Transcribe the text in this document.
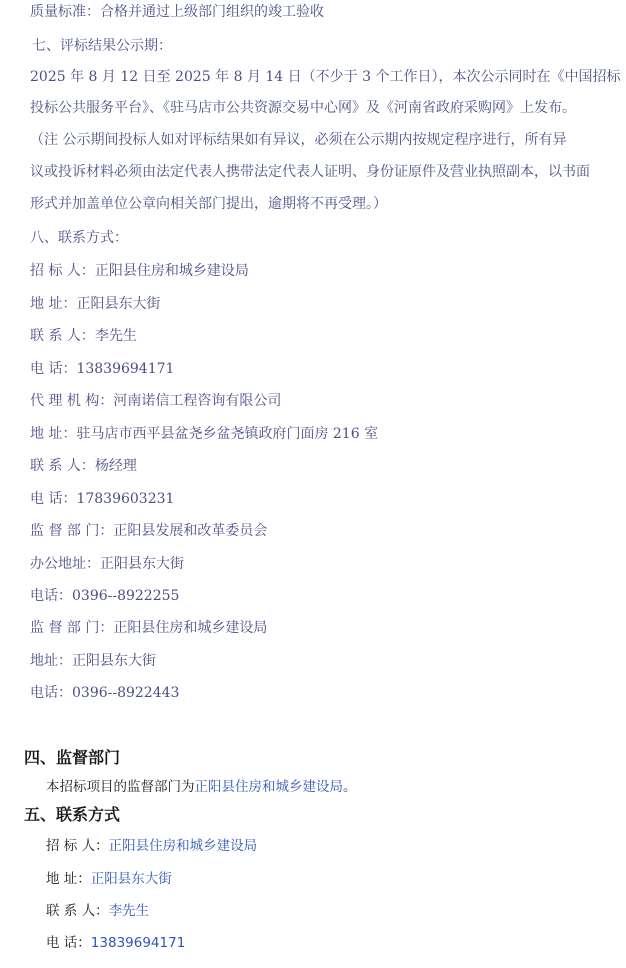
质量标准：合格并通过上级部门组织的竣工验收
七、评标结果公示期：
2025 年 8 月 12 日至 2025 年 8 月 14 日（不少于 3 个工作日），本次公示同时在《中国招标
投标公共服务平台》、《驻马店市公共资源交易中心网》及《河南省政府采购网》上发布。
（注 公示期间投标人如对评标结果如有异议，必须在公示期内按规定程序进行，所有异
议或投诉材料必须由法定代表人携带法定代表人证明、身份证原件及营业执照副本，以书面
形式并加盖单位公章向相关部门提出，逾期将不再受理。）
八、联系方式：
招 标 人：正阳县住房和城乡建设局
地 址：正阳县东大街
联 系 人：李先生
电 话：13839694171
代 理 机 构：河南诺信工程咨询有限公司
地 址：驻马店市西平县盆尧乡盆尧镇政府门面房 216 室
联 系 人：杨经理
电 话：17839603231
监 督 部 门：正阳县发展和改革委员会
办公地址：正阳县东大街
电话：0396--8922255
监 督 部 门：正阳县住房和城乡建设局
地址：正阳县东大街
电话：0396--8922443
四、监督部门
本招标项目的监督部门为正阳县住房和城乡建设局。
五、联系方式
招 标 人：正阳县住房和城乡建设局
地 址：正阳县东大街
联 系 人：李先生
电 话：13839694171
